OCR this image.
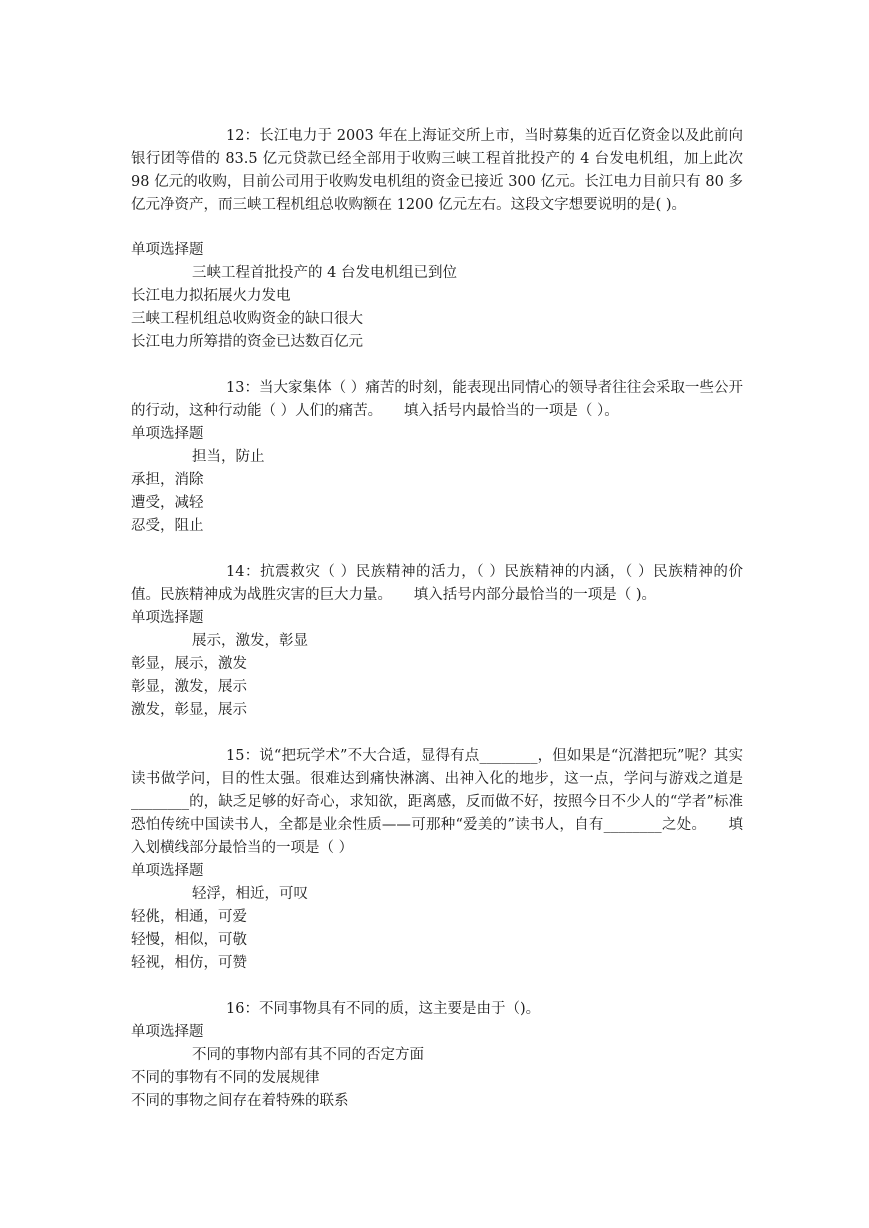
12：长江电力于 2003 年在上海证交所上市，当时募集的近百亿资金以及此前向银行团等借的 83.5 亿元贷款已经全部用于收购三峡工程首批投产的 4 台发电机组，加上此次 98 亿元的收购，目前公司用于收购发电机组的资金已接近 300 亿元。长江电力目前只有 80 多亿元净资产，而三峡工程机组总收购额在 1200 亿元左右。这段文字想要说明的是( )。
单项选择题
三峡工程首批投产的 4 台发电机组已到位
长江电力拟拓展火力发电
三峡工程机组总收购资金的缺口很大
长江电力所筹措的资金已达数百亿元
13：当大家集体（ ）痛苦的时刻，能表现出同情心的领导者往往会采取一些公开的行动，这种行动能（ ）人们的痛苦。　　填入括号内最恰当的一项是（ ）。
单项选择题
担当，防止
承担，消除
遭受，减轻
忍受，阻止
14：抗震救灾（ ）民族精神的活力，（ ）民族精神的内涵，（ ）民族精神的价值。民族精神成为战胜灾害的巨大力量。　　填入括号内部分最恰当的一项是（ )。
单项选择题
展示，激发，彰显
彰显，展示，激发
彰显，激发，展示
激发，彰显，展示
15：说“把玩学术”不大合适，显得有点________，但如果是“沉潜把玩”呢？其实读书做学问，目的性太强。很难达到痛快淋漓、出神入化的地步，这一点，学问与游戏之道是________的，缺乏足够的好奇心，求知欲，距离感，反而做不好，按照今日不少人的“学者”标准恐怕传统中国读书人，全都是业余性质——可那种“爱美的”读书人，自有________之处。　　填入划横线部分最恰当的一项是（ ）
单项选择题
轻浮，相近，可叹
轻佻，相通，可爱
轻慢，相似，可敬
轻视，相仿，可赞
16：不同事物具有不同的质，这主要是由于（)。
单项选择题
不同的事物内部有其不同的否定方面
不同的事物有不同的发展规律
不同的事物之间存在着特殊的联系
